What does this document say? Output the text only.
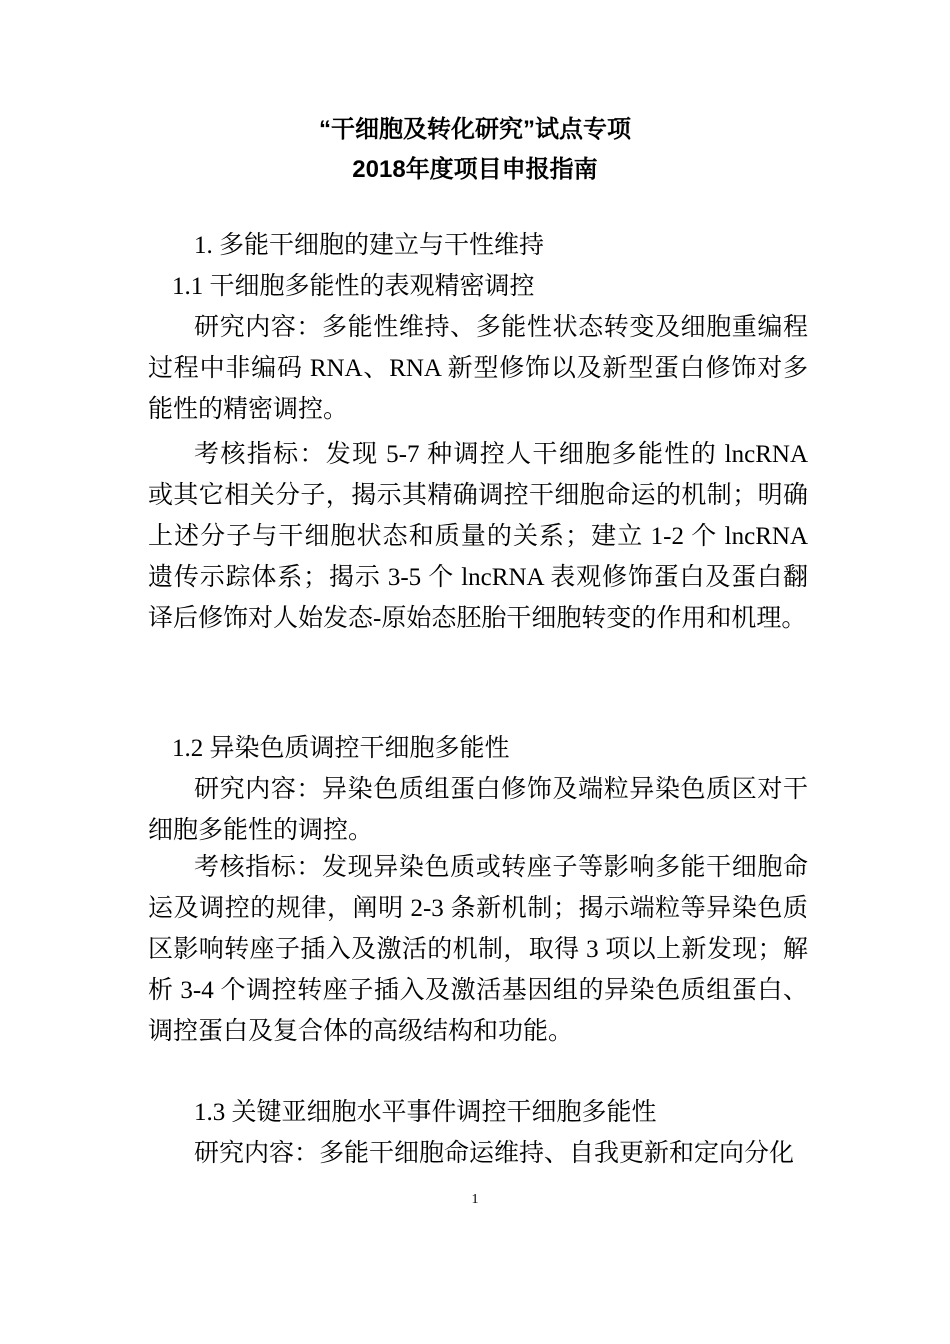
“干细胞及转化研究”试点专项
2018年度项目申报指南

1. 多能干细胞的建立与干性维持

1.1 干细胞多能性的表观精密调控

研究内容：多能性维持、多能性状态转变及细胞重编程过程中非编码 RNA、RNA 新型修饰以及新型蛋白修饰对多能性的精密调控。

考核指标：发现 5-7 种调控人干细胞多能性的 lncRNA 或其它相关分子，揭示其精确调控干细胞命运的机制；明确上述分子与干细胞状态和质量的关系；建立 1-2 个 lncRNA 遗传示踪体系；揭示 3-5 个 lncRNA 表观修饰蛋白及蛋白翻译后修饰对人始发态-原始态胚胎干细胞转变的作用和机理。

1.2 异染色质调控干细胞多能性

研究内容：异染色质组蛋白修饰及端粒异染色质区对干细胞多能性的调控。

考核指标：发现异染色质或转座子等影响多能干细胞命运及调控的规律，阐明 2-3 条新机制；揭示端粒等异染色质区影响转座子插入及激活的机制，取得 3 项以上新发现；解析 3-4 个调控转座子插入及激活基因组的异染色质组蛋白、调控蛋白及复合体的高级结构和功能。

1.3 关键亚细胞水平事件调控干细胞多能性

研究内容：多能干细胞命运维持、自我更新和定向分化

1
